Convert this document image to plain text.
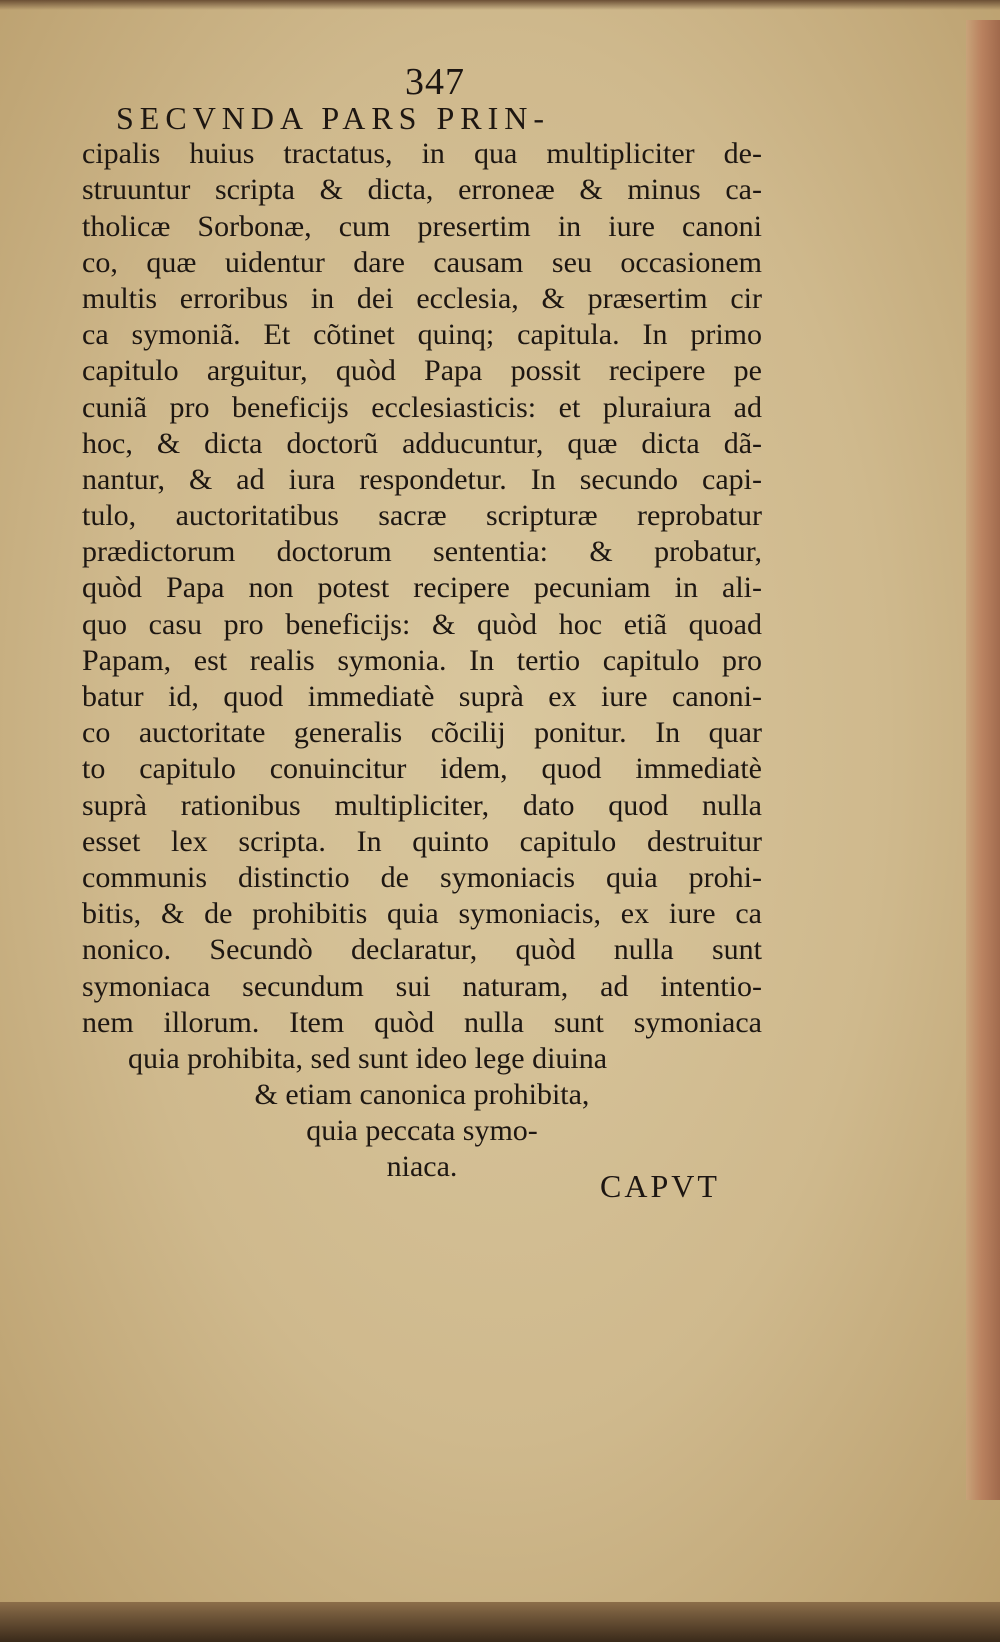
347
SECVNDA PARS PRIN-
cipalis huius tractatus, in qua multipliciter de-
struuntur scripta & dicta, erroneæ & minus ca-
tholicæ Sorbonæ, cum presertim in iure canoni
co, quæ uidentur dare causam seu occasionem
multis erroribus in dei ecclesia, & præsertim cir
ca symoniã. Et cõtinet quinq; capitula. In primo
capitulo arguitur, quòd Papa possit recipere pe
cuniã pro beneficijs ecclesiasticis: et pluraiura ad
hoc, & dicta doctorũ adducuntur, quæ dicta dã-
nantur, & ad iura respondetur. In secundo capi-
tulo, auctoritatibus sacræ scripturæ reprobatur
prædictorum doctorum sententia: & probatur,
quòd Papa non potest recipere pecuniam in ali-
quo casu pro beneficijs: & quòd hoc etiã quoad
Papam, est realis symonia. In tertio capitulo pro
batur id, quod immediatè suprà ex iure canoni-
co auctoritate generalis cõcilij ponitur. In quar
to capitulo conuincitur idem, quod immediatè
suprà rationibus multipliciter, dato quod nulla
esset lex scripta. In quinto capitulo destruitur
communis distinctio de symoniacis quia prohi-
bitis, & de prohibitis quia symoniacis, ex iure ca
nonico. Secundò declaratur, quòd nulla sunt
symoniaca secundum sui naturam, ad intentio-
nem illorum. Item quòd nulla sunt symoniaca
quia prohibita, sed sunt ideo lege diuina
& etiam canonica prohibita,
quia peccata symo-
niaca.
CAPVT
